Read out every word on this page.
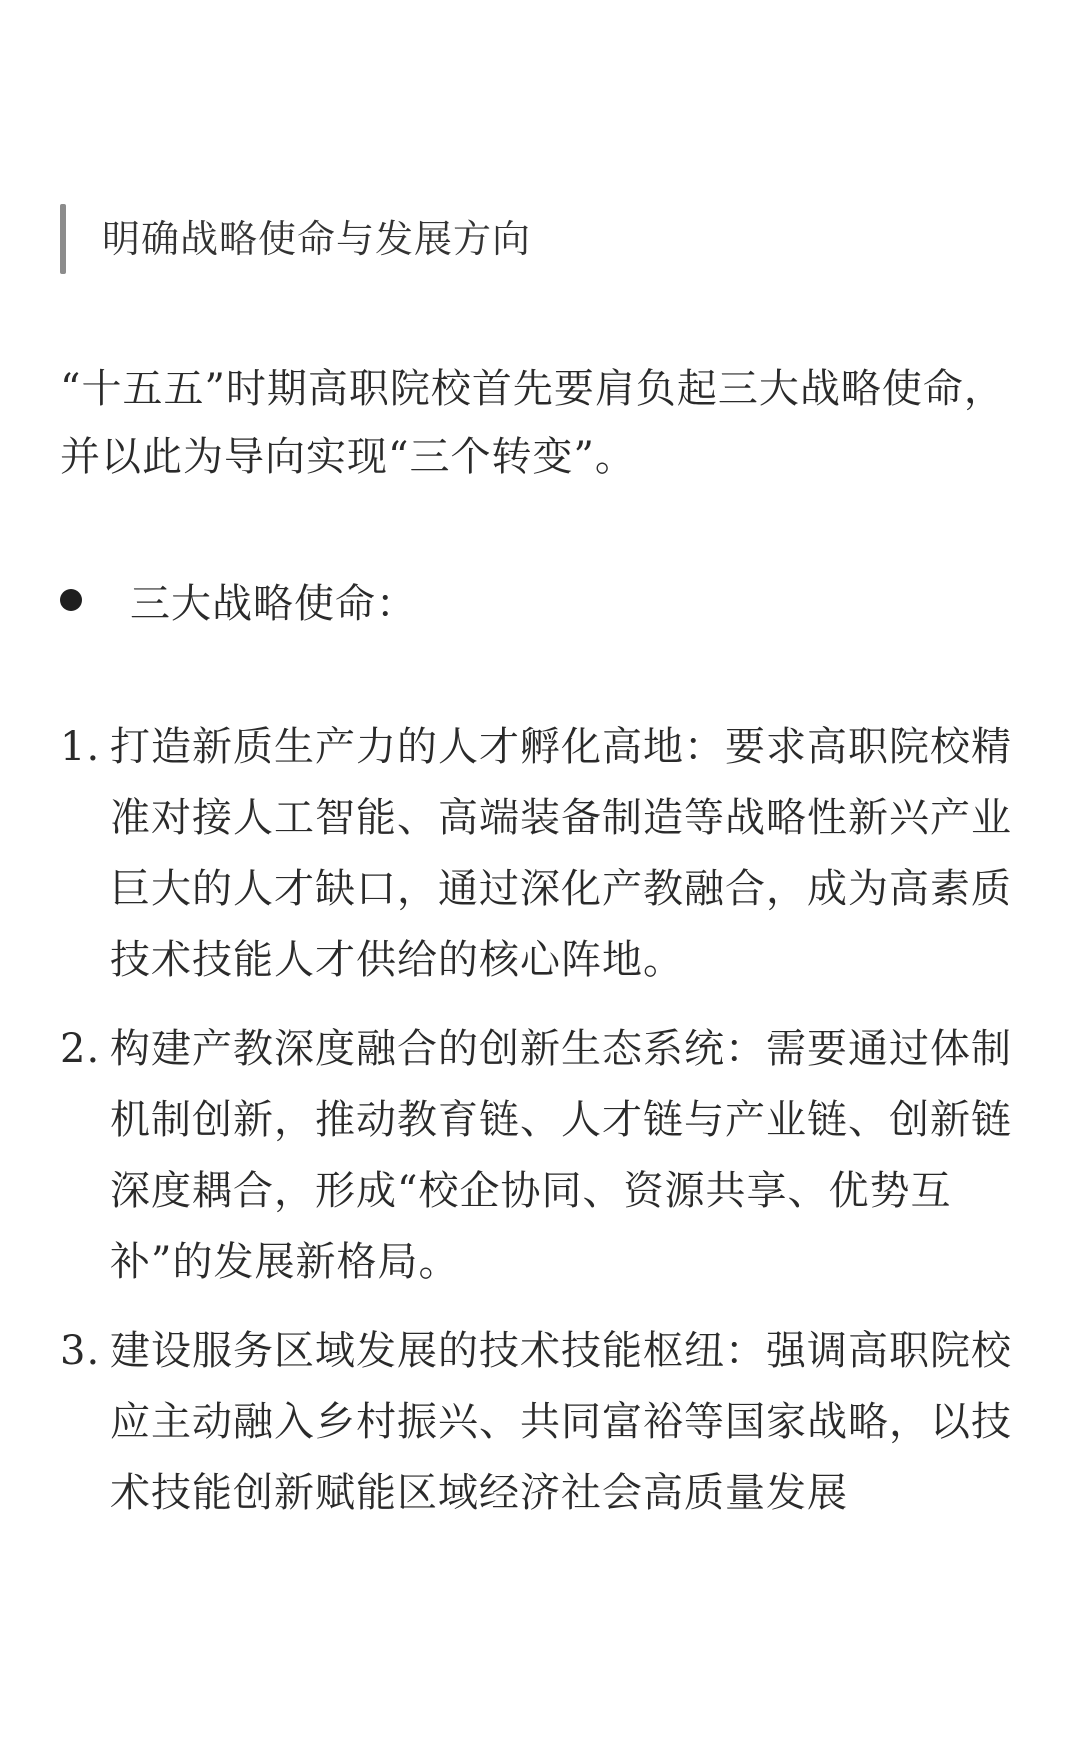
明确战略使命与发展方向
“十五五”时期高职院校首先要肩负起三大战略使命，并以此为导向实现“三个转变”。
三大战略使命：
1. 打造新质生产力的人才孵化高地：要求高职院校精准对接人工智能、高端装备制造等战略性新兴产业巨大的人才缺口，通过深化产教融合，成为高素质技术技能人才供给的核心阵地。
2. 构建产教深度融合的创新生态系统：需要通过体制机制创新，推动教育链、人才链与产业链、创新链深度耦合，形成“校企协同、资源共享、优势互补”的发展新格局。
3. 建设服务区域发展的技术技能枢纽：强调高职院校应主动融入乡村振兴、共同富裕等国家战略，以技术技能创新赋能区域经济社会高质量发展
